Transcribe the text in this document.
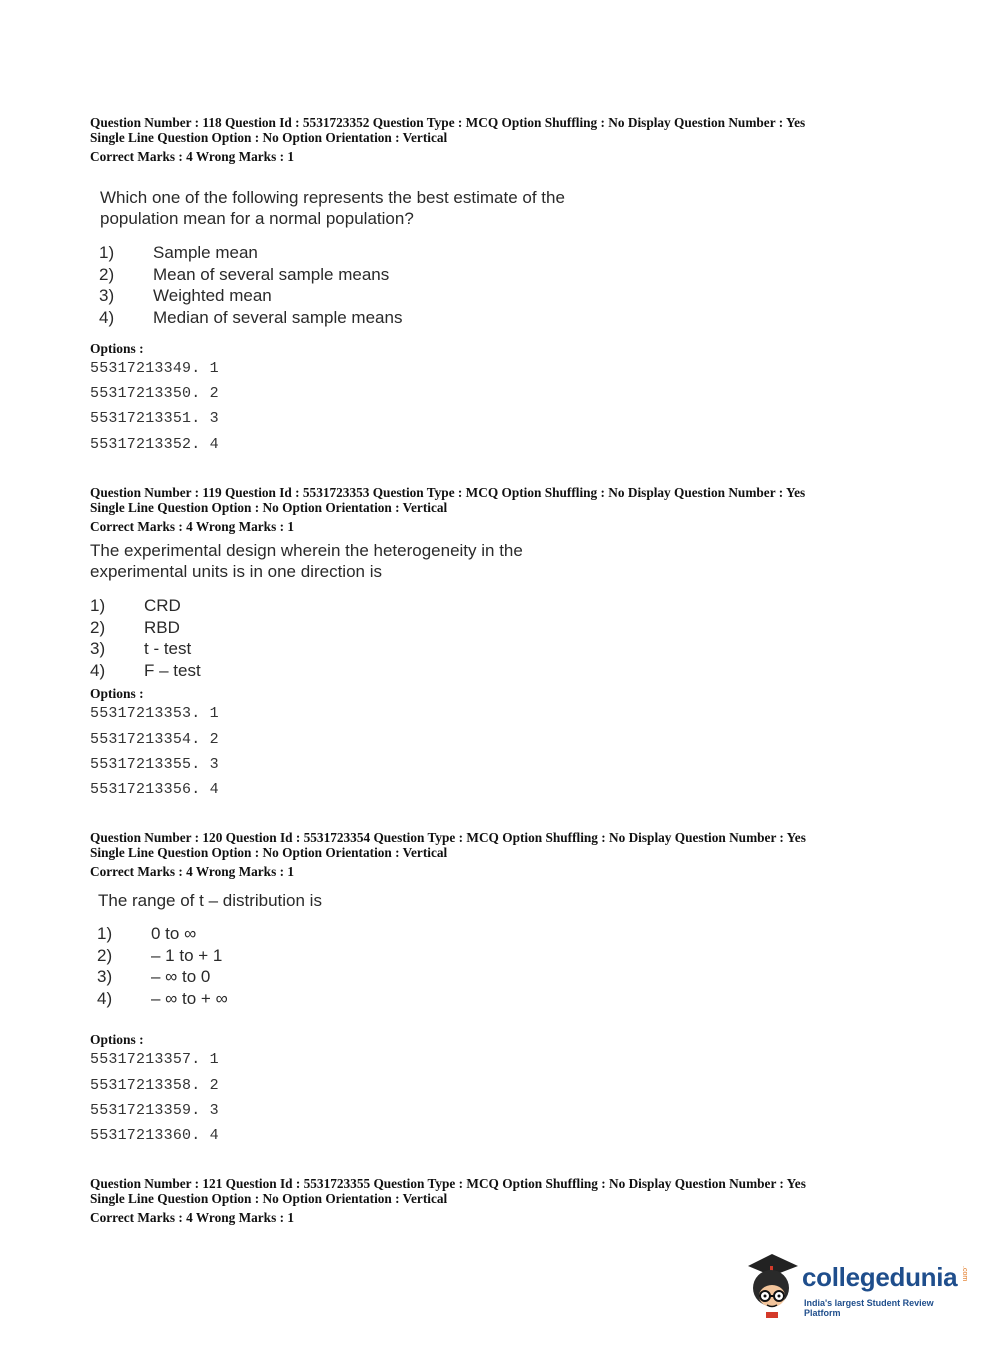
Question Number : 118 Question Id : 5531723352 Question Type : MCQ Option Shuffling : No Display Question Number : Yes
Single Line Question Option : No Option Orientation : Vertical
Correct Marks : 4 Wrong Marks : 1
Which one of the following represents the best estimate of the
population mean for a normal population?
1)	Sample mean
2)	Mean of several sample means
3)	Weighted mean
4)	Median of several sample means
Options :
55317213349. 1
55317213350. 2
55317213351. 3
55317213352. 4
Question Number : 119 Question Id : 5531723353 Question Type : MCQ Option Shuffling : No Display Question Number : Yes
Single Line Question Option : No Option Orientation : Vertical
Correct Marks : 4 Wrong Marks : 1
The experimental design wherein the heterogeneity in the
experimental units is in one direction is
1)	CRD
2)	RBD
3)	t - test
4)	F – test
Options :
55317213353. 1
55317213354. 2
55317213355. 3
55317213356. 4
Question Number : 120 Question Id : 5531723354 Question Type : MCQ Option Shuffling : No Display Question Number : Yes
Single Line Question Option : No Option Orientation : Vertical
Correct Marks : 4 Wrong Marks : 1
The range of t – distribution is
1)	0 to ∞
2)	– 1 to + 1
3)	– ∞ to 0
4)	– ∞ to + ∞
Options :
55317213357. 1
55317213358. 2
55317213359. 3
55317213360. 4
Question Number : 121 Question Id : 5531723355 Question Type : MCQ Option Shuffling : No Display Question Number : Yes
Single Line Question Option : No Option Orientation : Vertical
Correct Marks : 4 Wrong Marks : 1
collegedunia .com
India's largest Student Review Platform
